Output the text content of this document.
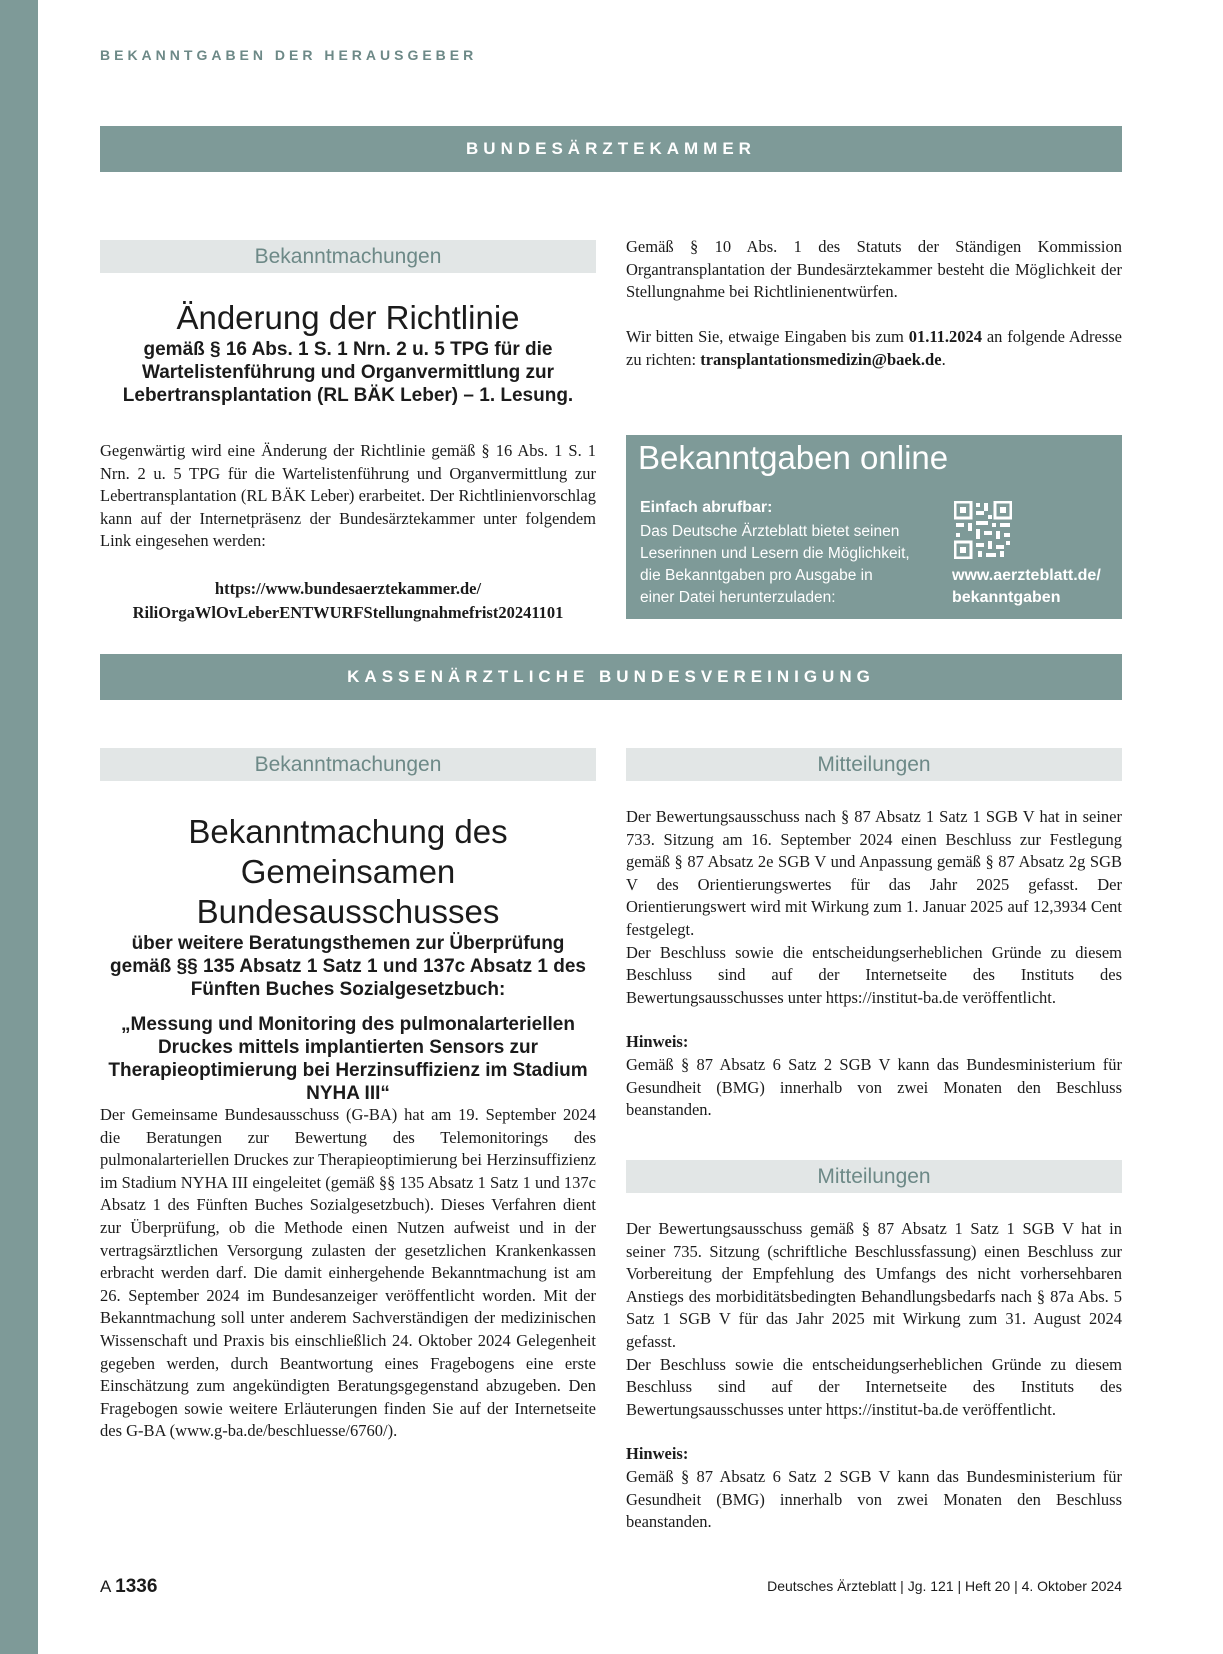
BEKANNTGABEN DER HERAUSGEBER
BUNDESÄRZTEKAMMER
Bekanntmachungen
Änderung der Richtlinie
gemäß § 16 Abs. 1 S. 1 Nrn. 2 u. 5 TPG für die Wartelistenführung und Organvermittlung zur Lebertransplantation (RL BÄK Leber) – 1. Lesung.

Gegenwärtig wird eine Änderung der Richtlinie gemäß § 16 Abs. 1 S. 1 Nrn. 2 u. 5 TPG für die Wartelistenführung und Organvermittlung zur Lebertransplantation (RL BÄK Leber) erarbeitet. Der Richtlinienvorschlag kann auf der Internetpräsenz der Bundesärztekammer unter folgendem Link eingesehen werden:

https://www.bundesaerztekammer.de/
RiliOrgaWlOvLeberENTWURFStellungnahmefrist20241101

Gemäß § 10 Abs. 1 des Statuts der Ständigen Kommission Organtransplantation der Bundesärztekammer besteht die Möglichkeit der Stellungnahme bei Richtlinienentwürfen.

Wir bitten Sie, etwaige Eingaben bis zum 01.11.2024 an folgende Adresse zu richten: transplantationsmedizin@baek.de.

Bekanntgaben online

Einfach abrufbar:

Das Deutsche Ärzteblatt bietet seinen Leserinnen und Lesern die Möglichkeit, die Bekanntgaben pro Ausgabe in einer Datei herunterzuladen:

www.aerzteblatt.de/
bekanntgaben

KASSENÄRZTLICHE BUNDESVEREINIGUNG
Bekanntmachungen
Bekanntmachung des
Gemeinsamen Bundesausschusses
über weitere Beratungsthemen zur Überprüfung gemäß §§ 135 Absatz 1 Satz 1 und 137c Absatz 1 des Fünften Buches Sozialgesetzbuch:
„Messung und Monitoring des pulmonalarteriellen Druckes mittels implantierten Sensors zur Therapieoptimierung bei Herzinsuffizienz im Stadium NYHA III“

Der Gemeinsame Bundesausschuss (G-BA) hat am 19. September 2024 die Beratungen zur Bewertung des Telemonitorings des pulmonalarteriellen Druckes zur Therapieoptimierung bei Herzinsuffizienz im Stadium NYHA III eingeleitet (gemäß §§ 135 Absatz 1 Satz 1 und 137c Absatz 1 des Fünften Buches Sozialgesetzbuch). Dieses Verfahren dient zur Überprüfung, ob die Methode einen Nutzen aufweist und in der vertragsärztlichen Versorgung zulasten der gesetzlichen Krankenkassen erbracht werden darf. Die damit einhergehende Bekanntmachung ist am 26. September 2024 im Bundesanzeiger veröffentlicht worden. Mit der Bekanntmachung soll unter anderem Sachverständigen der medizinischen Wissenschaft und Praxis bis einschließlich 24. Oktober 2024 Gelegenheit gegeben werden, durch Beantwortung eines Fragebogens eine erste Einschätzung zum angekündigten Beratungsgegenstand abzugeben. Den Fragebogen sowie weitere Erläuterungen finden Sie auf der Internetseite des G-BA (www.g-ba.de/beschluesse/6760/).

Mitteilungen
Der Bewertungsausschuss nach § 87 Absatz 1 Satz 1 SGB V hat in seiner 733. Sitzung am 16. September 2024 einen Beschluss zur Festlegung gemäß § 87 Absatz 2e SGB V und Anpassung gemäß § 87 Absatz 2g SGB V des Orientierungswertes für das Jahr 2025 gefasst. Der Orientierungswert wird mit Wirkung zum 1. Januar 2025 auf 12,3934 Cent festgelegt.
Der Beschluss sowie die entscheidungserheblichen Gründe zu diesem Beschluss sind auf der Internetseite des Instituts des Bewertungsausschusses unter https://institut-ba.de veröffentlicht.
Hinweis:
Gemäß § 87 Absatz 6 Satz 2 SGB V kann das Bundesministerium für Gesundheit (BMG) innerhalb von zwei Monaten den Beschluss beanstanden.
Mitteilungen
Der Bewertungsausschuss gemäß § 87 Absatz 1 Satz 1 SGB V hat in seiner 735. Sitzung (schriftliche Beschlussfassung) einen Beschluss zur Vorbereitung der Empfehlung des Umfangs des nicht vorhersehbaren Anstiegs des morbiditätsbedingten Behandlungsbedarfs nach § 87a Abs. 5 Satz 1 SGB V für das Jahr 2025 mit Wirkung zum 31. August 2024 gefasst.
Der Beschluss sowie die entscheidungserheblichen Gründe zu diesem Beschluss sind auf der Internetseite des Instituts des Bewertungsausschusses unter https://institut-ba.de veröffentlicht.
Hinweis:
Gemäß § 87 Absatz 6 Satz 2 SGB V kann das Bundesministerium für Gesundheit (BMG) innerhalb von zwei Monaten den Beschluss beanstanden.
A 1336	Deutsches Ärzteblatt | Jg. 121 | Heft 20 | 4. Oktober 2024
